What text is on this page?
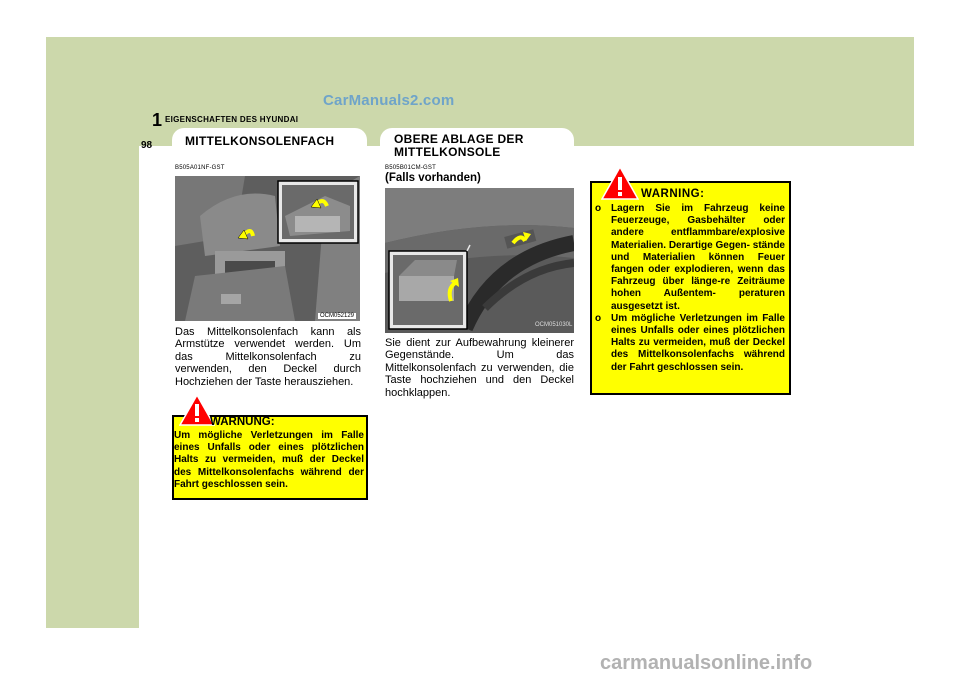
CarManuals2.com
1 EIGENSCHAFTEN DES HYUNDAI
98	MITTELKONSOLENFACH	OBERE ABLAGE DER
MITTELKONSOLE
B505A01NF-GST
OCM052129
Das Mittelkonsolenfach kann als Armstütze verwendet werden. Um das Mittelkonsolenfach zu verwenden, den Deckel durch Hochziehen der Taste herausziehen.
WARNUNG:
Um mögliche Verletzungen im Falle eines Unfalls oder eines plötzlichen Halts zu vermeiden, muß der Deckel des Mittelkonsolenfachs während der Fahrt geschlossen sein.
B505B01CM-GST
(Falls vorhanden)
OCM051030L
Sie dient zur Aufbewahrung kleinerer Gegenstände. Um das Mittelkonsolenfach zu verwenden, die Taste hochziehen und den Deckel hochklappen.
WARNING:
o Lagern Sie im Fahrzeug keine Feuerzeuge, Gasbehälter oder andere entflammbare/explosive Materialien. Derartige Gegen- stände und Materialien können Feuer fangen oder explodieren, wenn das Fahrzeug über länge-re Zeiträume hohen Außentem- peraturen ausgesetzt ist.
o Um mögliche Verletzungen im Falle eines Unfalls oder eines plötzlichen Halts zu vermeiden, muß der Deckel des Mittelkonsolenfachs während der Fahrt geschlossen sein.
carmanualsonline.info
